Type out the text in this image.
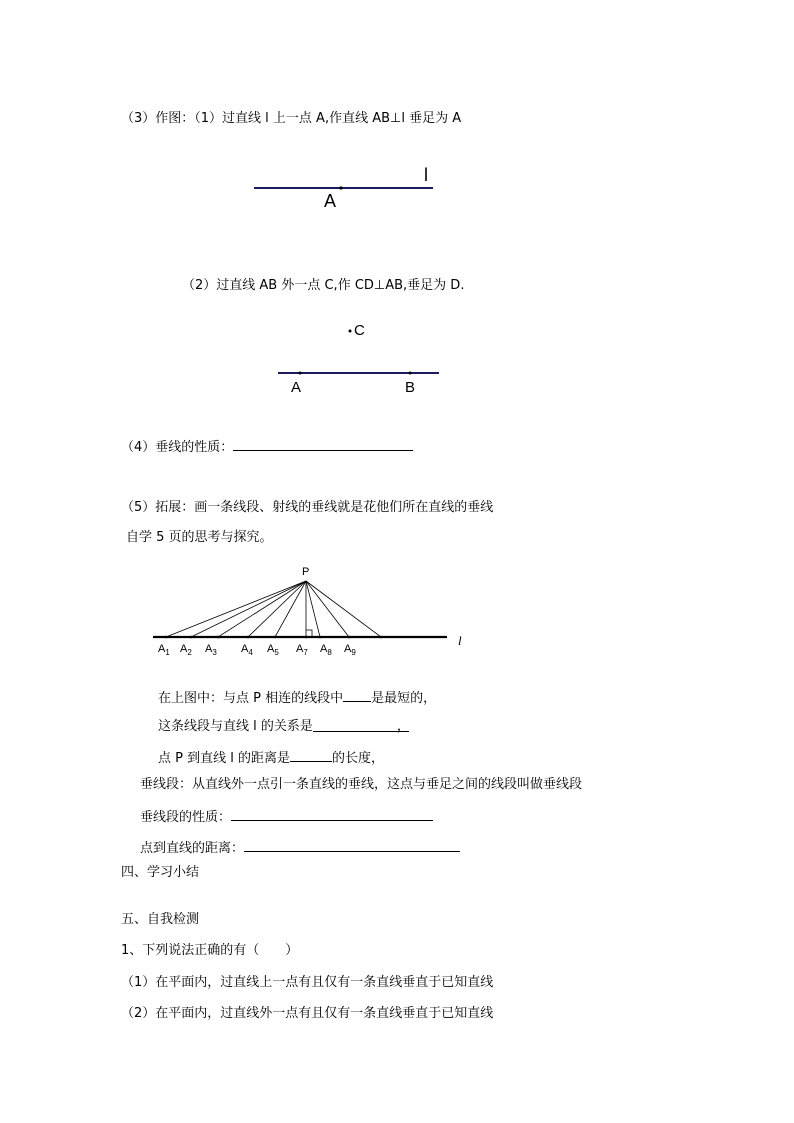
（3）作图：（1）过直线 l 上一点 A,作直线 AB⊥l 垂足为 A
（2）过直线 AB 外一点 C,作 CD⊥AB,垂足为 D.
（4）垂线的性质：
（5）拓展：画一条线段、射线的垂线就是花他们所在直线的垂线
自学 5 页的思考与探究。
在上图中：与点 P 相连的线段中 是最短的，
这条线段与直线 l 的关系是	，
点 P 到直线 l 的距离是	的长度，
垂线段：从直线外一点引一条直线的垂线，这点与垂足之间的线段叫做垂线段
垂线段的性质：
点到直线的距离：
四、学习小结
五、自我检测
1、下列说法正确的有（　　）
（1）在平面内，过直线上一点有且仅有一条直线垂直于已知直线
（2）在平面内，过直线外一点有且仅有一条直线垂直于已知直线
l
A
C
A	B
P
l
$A_1$ $A_2$ $A_3$ $A_4$ $A_5$ $A_7$ $A_8$ $A_9$
